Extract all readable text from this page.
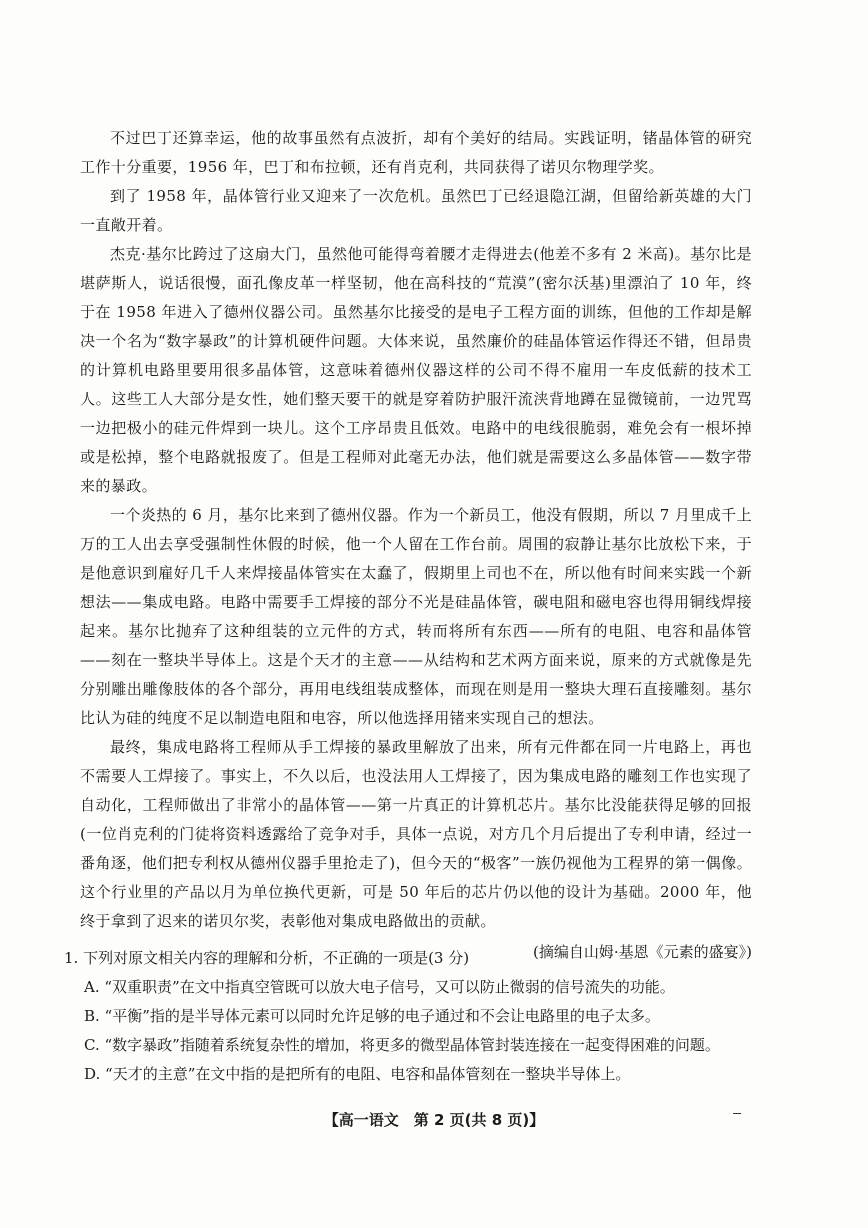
不过巴丁还算幸运，他的故事虽然有点波折，却有个美好的结局。实践证明，锗晶体管的研究工作十分重要，1956 年，巴丁和布拉顿，还有肖克利，共同获得了诺贝尔物理学奖。

到了 1958 年，晶体管行业又迎来了一次危机。虽然巴丁已经退隐江湖，但留给新英雄的大门一直敞开着。

杰克·基尔比跨过了这扇大门，虽然他可能得弯着腰才走得进去(他差不多有 2 米高)。基尔比是堪萨斯人，说话很慢，面孔像皮革一样坚韧，他在高科技的“荒漠”(密尔沃基)里漂泊了 10 年，终于在 1958 年进入了德州仪器公司。虽然基尔比接受的是电子工程方面的训练，但他的工作却是解决一个名为“数字暴政”的计算机硬件问题。大体来说，虽然廉价的硅晶体管运作得还不错，但昂贵的计算机电路里要用很多晶体管，这意味着德州仪器这样的公司不得不雇用一车皮低薪的技术工人。这些工人大部分是女性，她们整天要干的就是穿着防护服汗流浃背地蹲在显微镜前，一边咒骂一边把极小的硅元件焊到一块儿。这个工序昂贵且低效。电路中的电线很脆弱，难免会有一根坏掉或是松掉，整个电路就报废了。但是工程师对此毫无办法，他们就是需要这么多晶体管——数字带来的暴政。

一个炎热的 6 月，基尔比来到了德州仪器。作为一个新员工，他没有假期，所以 7 月里成千上万的工人出去享受强制性休假的时候，他一个人留在工作台前。周围的寂静让基尔比放松下来，于是他意识到雇好几千人来焊接晶体管实在太蠢了，假期里上司也不在，所以他有时间来实践一个新想法——集成电路。电路中需要手工焊接的部分不光是硅晶体管，碳电阻和磁电容也得用铜线焊接起来。基尔比抛弃了这种组装的立元件的方式，转而将所有东西——所有的电阻、电容和晶体管——刻在一整块半导体上。这是个天才的主意——从结构和艺术两方面来说，原来的方式就像是先分别雕出雕像肢体的各个部分，再用电线组装成整体，而现在则是用一整块大理石直接雕刻。基尔比认为硅的纯度不足以制造电阻和电容，所以他选择用锗来实现自己的想法。

最终，集成电路将工程师从手工焊接的暴政里解放了出来，所有元件都在同一片电路上，再也不需要人工焊接了。事实上，不久以后，也没法用人工焊接了，因为集成电路的雕刻工作也实现了自动化，工程师做出了非常小的晶体管——第一片真正的计算机芯片。基尔比没能获得足够的回报(一位肖克利的门徒将资料透露给了竞争对手，具体一点说，对方几个月后提出了专利申请，经过一番角逐，他们把专利权从德州仪器手里抢走了)，但今天的“极客”一族仍视他为工程界的第一偶像。这个行业里的产品以月为单位换代更新，可是 50 年后的芯片仍以他的设计为基础。2000 年，他终于拿到了迟来的诺贝尔奖，表彰他对集成电路做出的贡献。

(摘编自山姆·基恩《元素的盛宴》)

1. 下列对原文相关内容的理解和分析，不正确的一项是(3 分)

A. “双重职责”在文中指真空管既可以放大电子信号，又可以防止微弱的信号流失的功能。

B. “平衡”指的是半导体元素可以同时允许足够的电子通过和不会让电路里的电子太多。

C. “数字暴政”指随着系统复杂性的增加，将更多的微型晶体管封装连接在一起变得困难的问题。

D. “天才的主意”在文中指的是把所有的电阻、电容和晶体管刻在一整块半导体上。

【高一语文　第 2 页(共 8 页)】
